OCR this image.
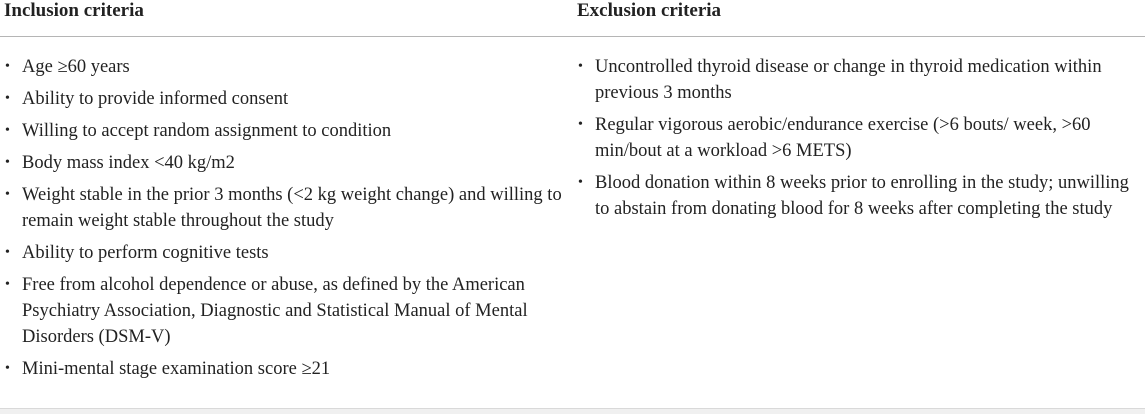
Inclusion criteria	Exclusion criteria
• Age ≥60 years
• Ability to provide informed consent
• Willing to accept random assignment to condition
• Body mass index <40 kg/m2
• Weight stable in the prior 3 months (<2 kg weight change) and willing to remain weight stable throughout the study
• Ability to perform cognitive tests
• Free from alcohol dependence or abuse, as defined by the American Psychiatry Association, Diagnostic and Statistical Manual of Mental Disorders (DSM-V)
• Mini-mental stage examination score ≥21
• Uncontrolled thyroid disease or change in thyroid medication within previous 3 months
• Regular vigorous aerobic/endurance exercise (>6 bouts/ week, >60 min/bout at a workload >6 METS)
• Blood donation within 8 weeks prior to enrolling in the study; unwilling to abstain from donating blood for 8 weeks after completing the study
